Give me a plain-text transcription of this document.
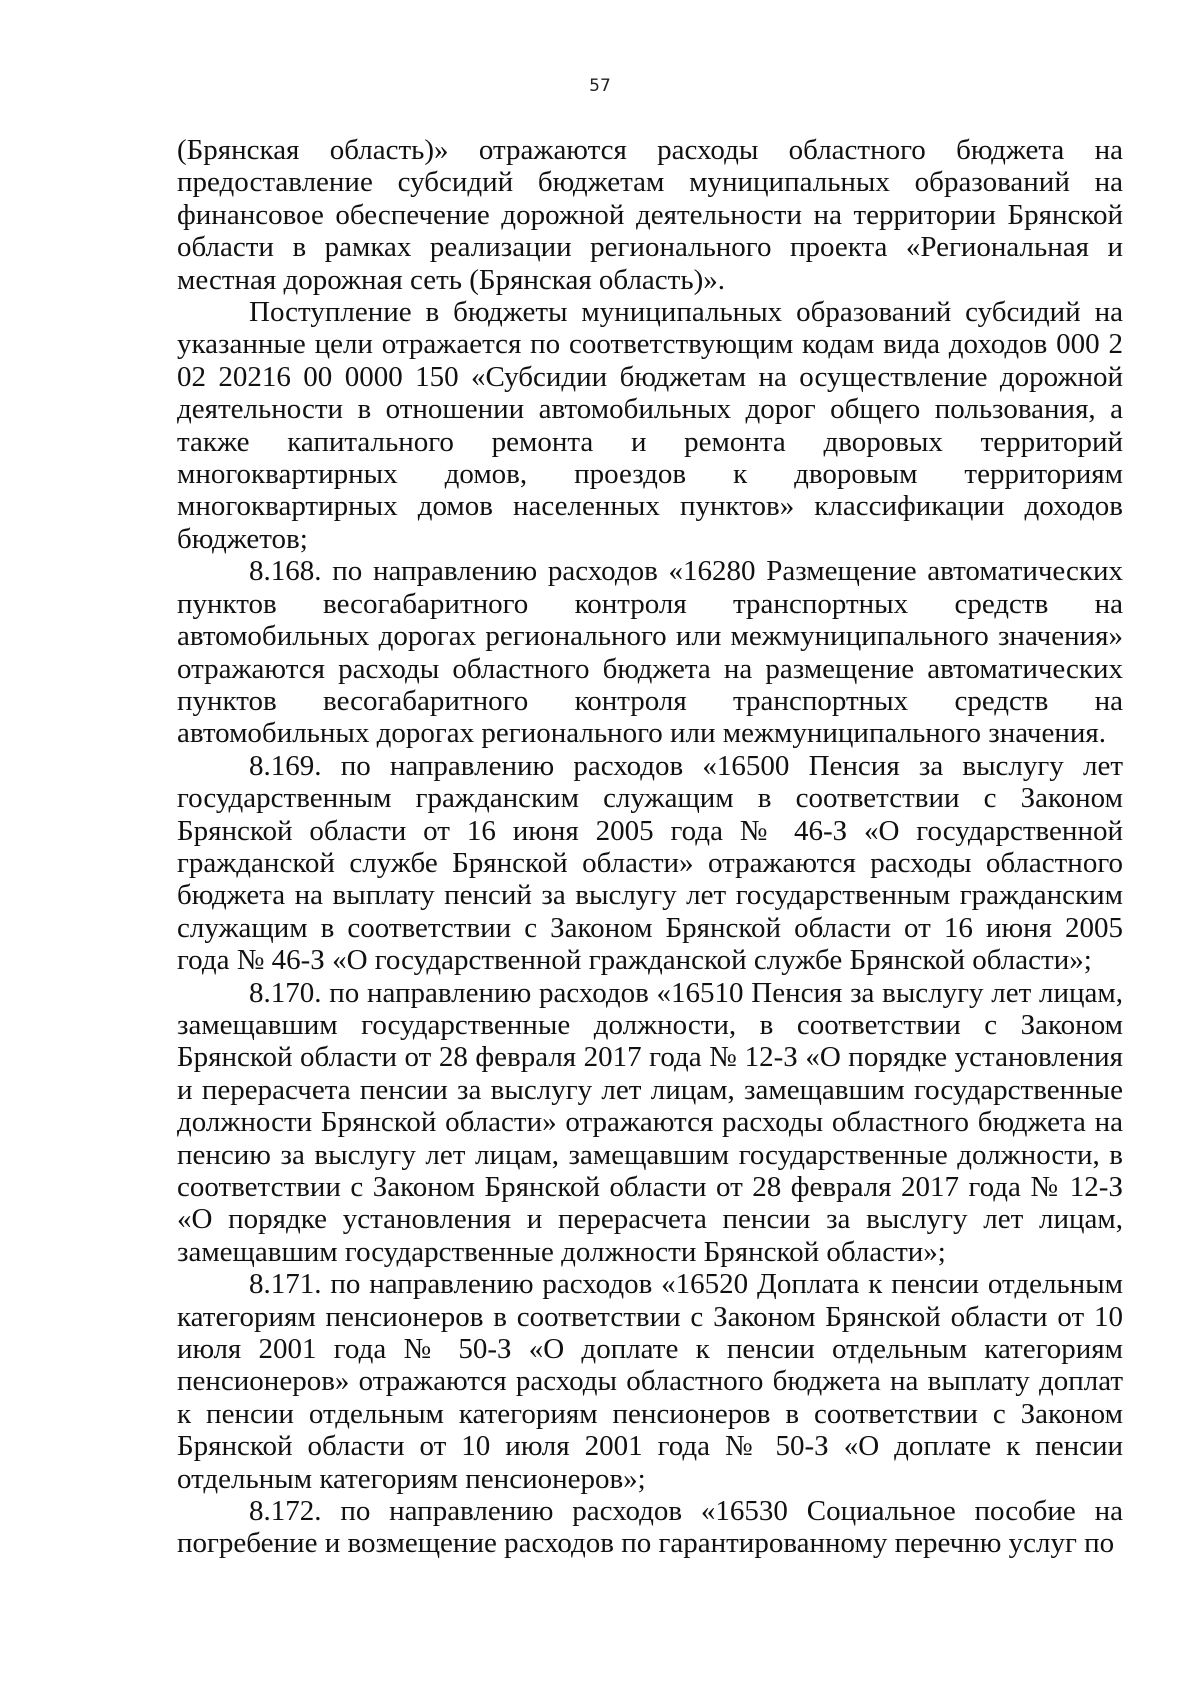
57

(Брянская область)» отражаются расходы областного бюджета на предоставление субсидий бюджетам муниципальных образований на финансовое обеспечение дорожной деятельности на территории Брянской области в рамках реализации регионального проекта «Региональная и местная дорожная сеть (Брянская область)».

Поступление в бюджеты муниципальных образований субсидий на указанные цели отражается по соответствующим кодам вида доходов 000 2 02 20216 00 0000 150 «Субсидии бюджетам на осуществление дорожной деятельности в отношении автомобильных дорог общего пользования, а также капитального ремонта и ремонта дворовых территорий многоквартирных домов, проездов к дворовым территориям многоквартирных домов населенных пунктов» классификации доходов бюджетов;

8.168. по направлению расходов «16280 Размещение автоматических пунктов весогабаритного контроля транспортных средств на автомобильных дорогах регионального или межмуниципального значения» отражаются расходы областного бюджета на размещение автоматических пунктов весогабаритного контроля транспортных средств на автомобильных дорогах регионального или межмуниципального значения.

8.169. по направлению расходов «16500 Пенсия за выслугу лет государственным гражданским служащим в соответствии с Законом Брянской области от 16 июня 2005 года № 46-З «О государственной гражданской службе Брянской области» отражаются расходы областного бюджета на выплату пенсий за выслугу лет государственным гражданским служащим в соответствии с Законом Брянской области от 16 июня 2005 года № 46-З «О государственной гражданской службе Брянской области»;

8.170. по направлению расходов «16510 Пенсия за выслугу лет лицам, замещавшим государственные должности, в соответствии с Законом Брянской области от 28 февраля 2017 года № 12-З «О порядке установления и перерасчета пенсии за выслугу лет лицам, замещавшим государственные должности Брянской области» отражаются расходы областного бюджета на пенсию за выслугу лет лицам, замещавшим государственные должности, в соответствии с Законом Брянской области от 28 февраля 2017 года № 12-З «О порядке установления и перерасчета пенсии за выслугу лет лицам, замещавшим государственные должности Брянской области»;

8.171. по направлению расходов «16520 Доплата к пенсии отдельным категориям пенсионеров в соответствии с Законом Брянской области от 10 июля 2001 года № 50-З «О доплате к пенсии отдельным категориям пенсионеров» отражаются расходы областного бюджета на выплату доплат к пенсии отдельным категориям пенсионеров в соответствии с Законом Брянской области от 10 июля 2001 года № 50-З «О доплате к пенсии отдельным категориям пенсионеров»;

8.172. по направлению расходов «16530 Социальное пособие на погребение и возмещение расходов по гарантированному перечню услуг по
